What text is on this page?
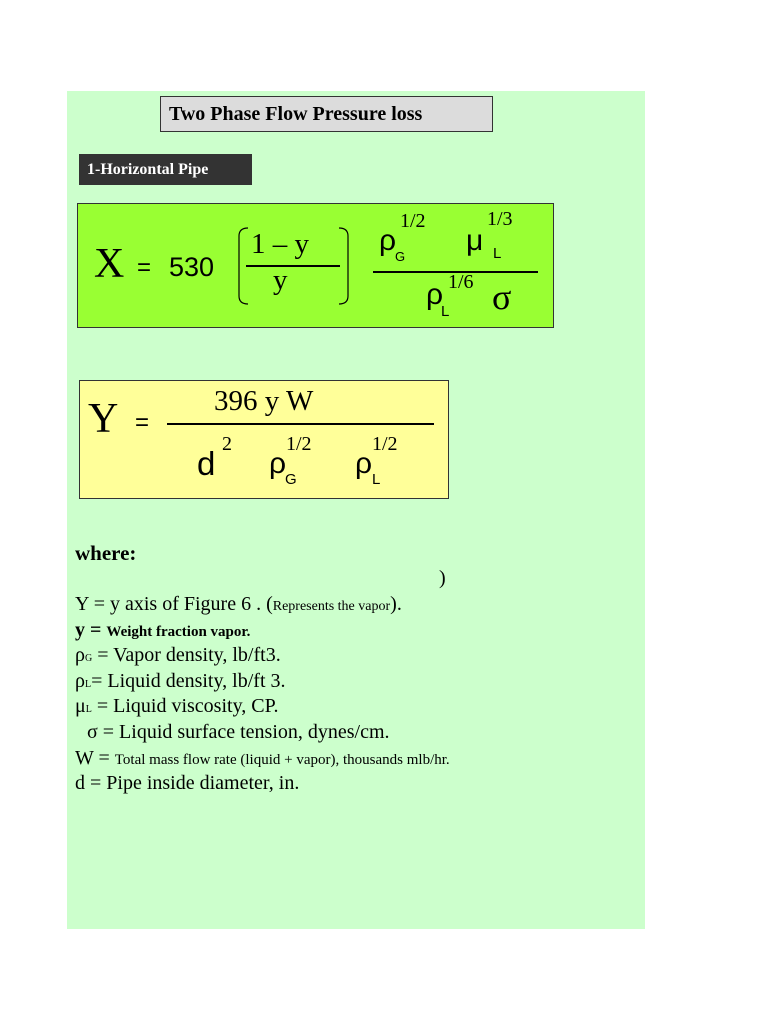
Two Phase Flow Pressure loss
1-Horizontal Pipe
X = 530
1 – y
y
ρ
G
1/2
μ L
1/3
ρ
L
1/6 σ
Y =
396 y W
d
2
ρ
G
1/2
ρ L
1/2
where:
)
Y = y axis of Figure 6 . (Represents the vapor).
y = Weight fraction vapor.
ρG = Vapor density, lb/ft3.
ρL= Liquid density, lb/ft 3.
μL = Liquid viscosity, CP.
σ = Liquid surface tension, dynes/cm.
W = Total mass flow rate (liquid + vapor), thousands mlb/hr.
d = Pipe inside diameter, in.
